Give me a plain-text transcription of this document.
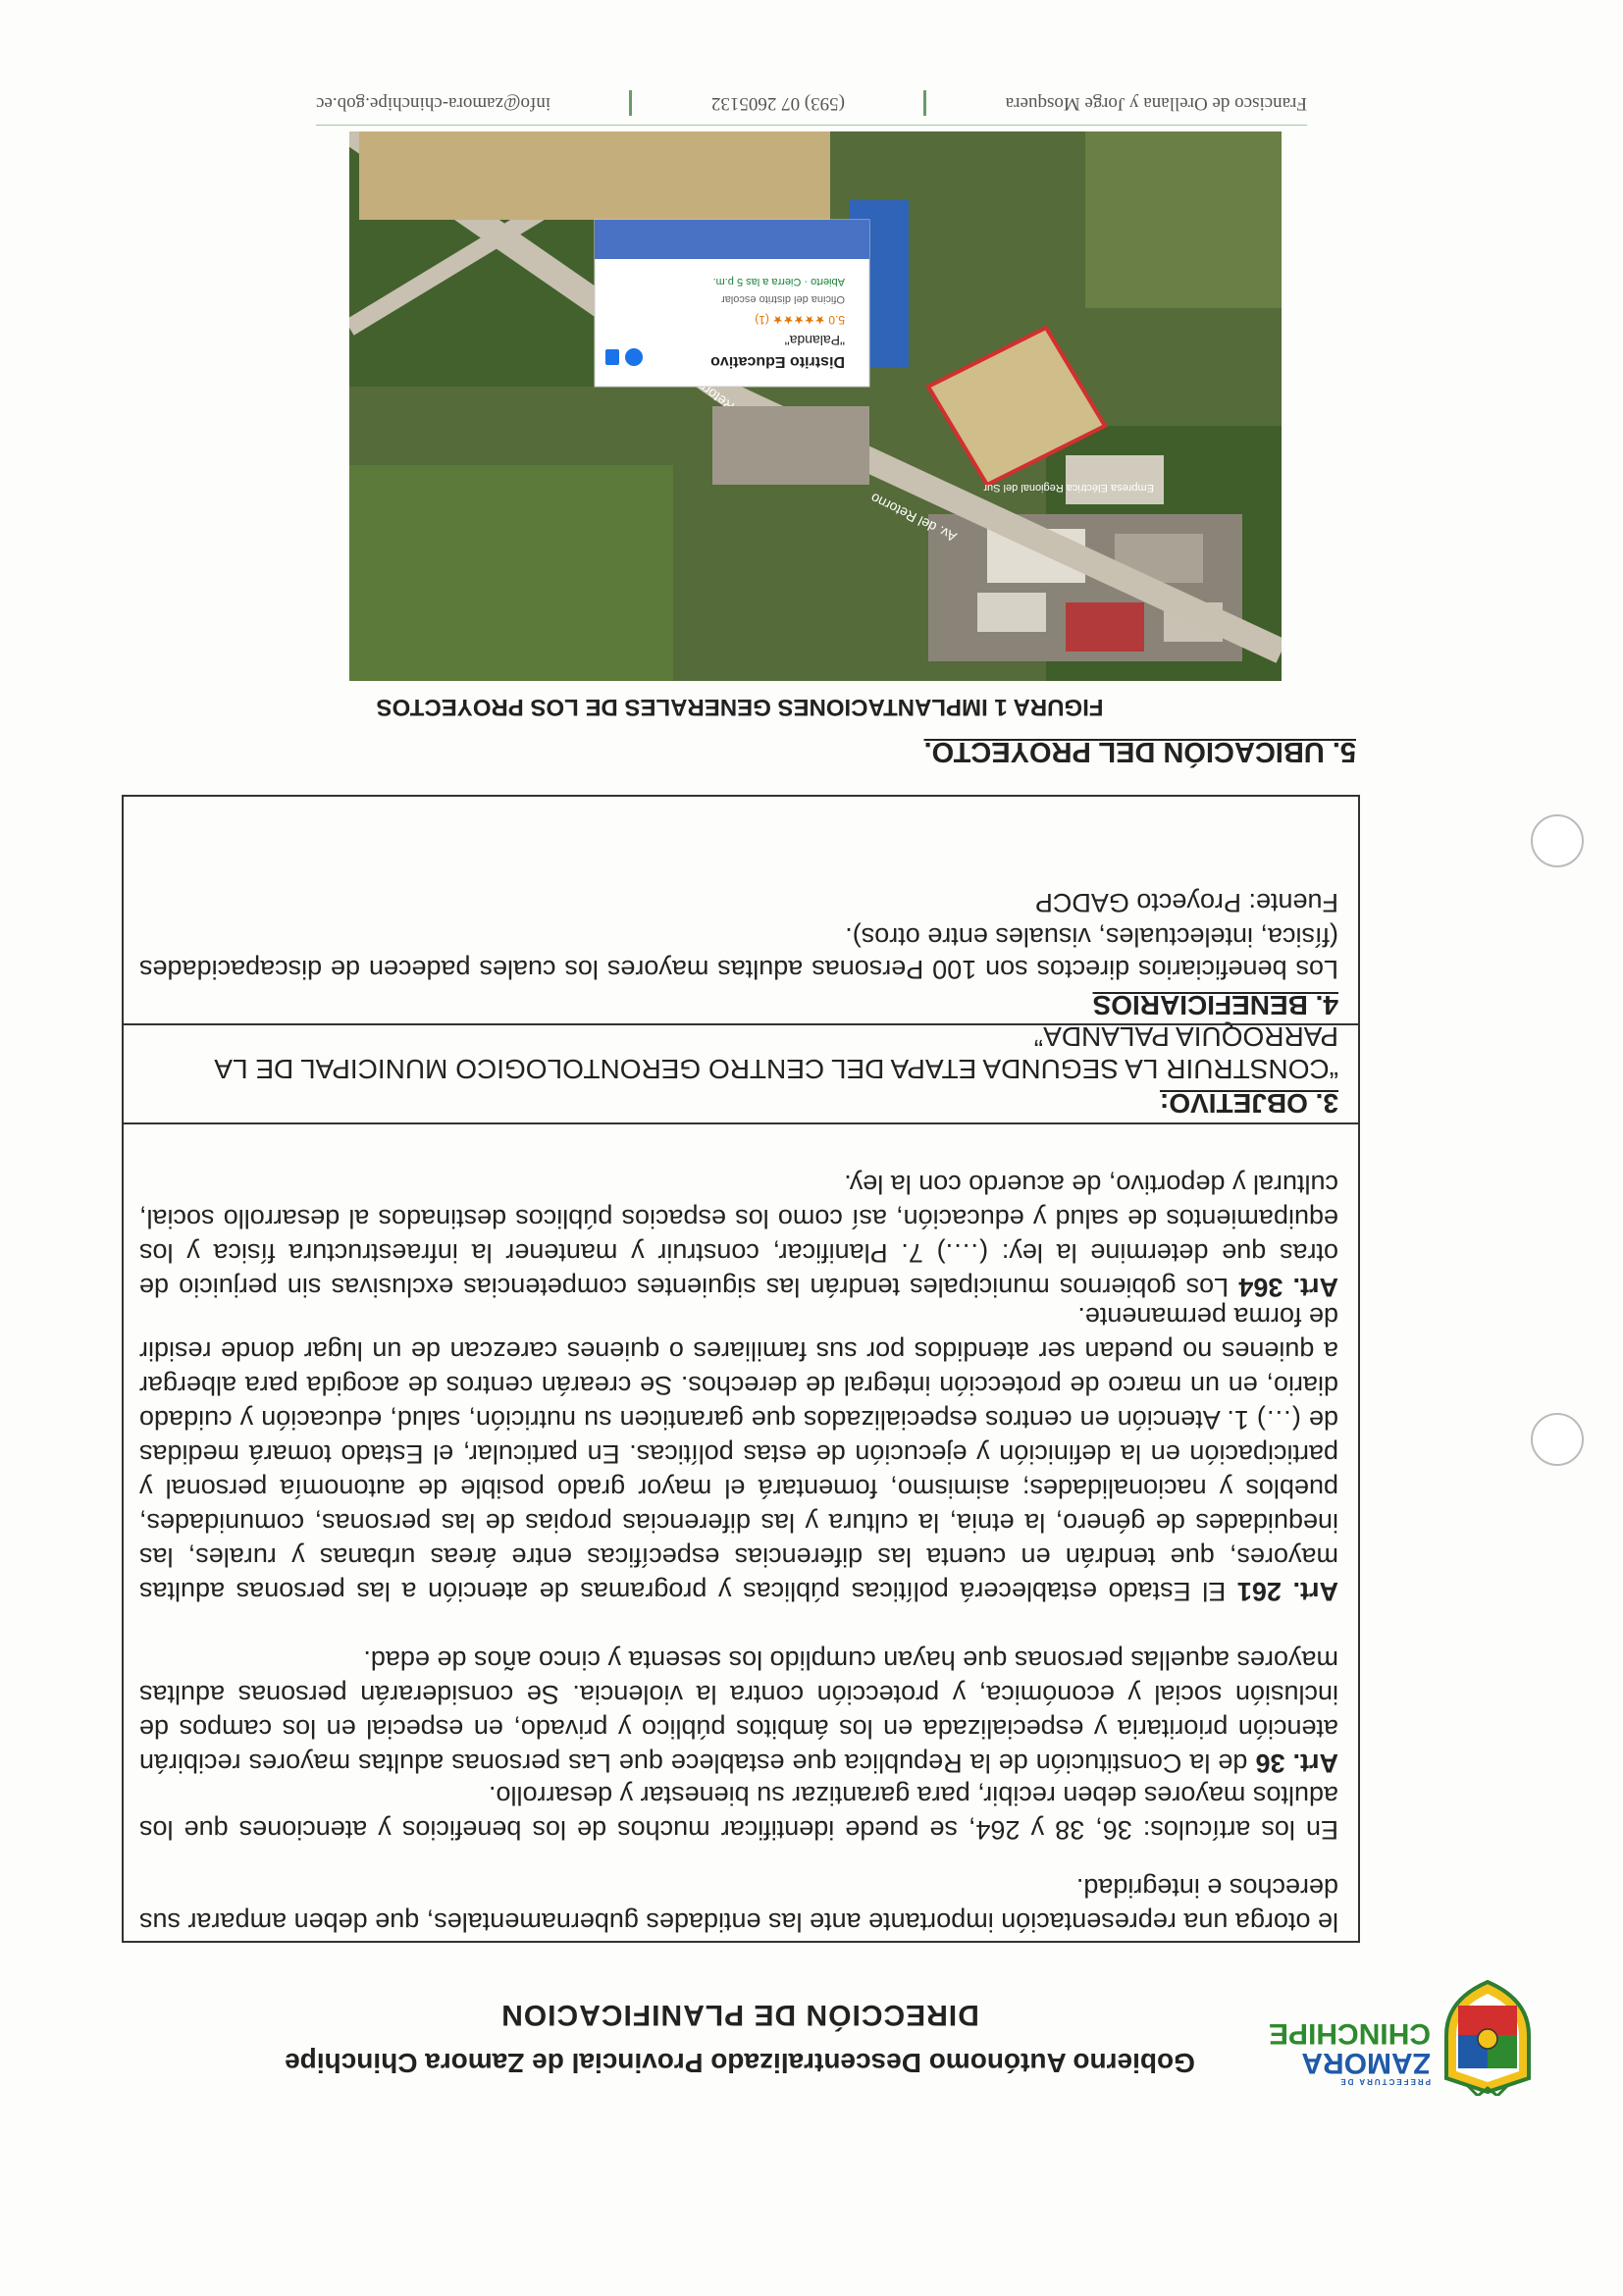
PREFECTURA DE
ZAMORA
CHINCHIPE
Gobierno Autónomo Descentralizado Provincial de Zamora Chinchipe
DIRECCIÓN DE PLANIFICACION

le otorga una representación importante ante las entidades gubernamentales, que deben amparar sus derechos e integridad.

En los artículos: 36, 38 y 264, se puede identificar muchos de los beneficios y atenciones que los adultos mayores deben recibir, para garantizar su bienestar y desarrollo.

Art. 36 de la Constitución de la Republica que establece que Las personas adultas mayores recibirán atención prioritaria y especializada en los ámbitos público y privado, en especial en los campos de inclusión social y económica, y protección contra la violencia. Se considerarán personas adultas mayores aquellas personas que hayan cumplido los sesenta y cinco años de edad.

Art. 261 El Estado establecerá políticas públicas y programas de atención a las personas adultas mayores, que tendrán en cuenta las diferencias específicas entre áreas urbanas y rurales, las inequidades de género, la etnia, la cultura y las diferencias propias de las personas, comunidades, pueblos y nacionalidades; asimismo, fomentará el mayor grado posible de autonomía personal y participación en la definición y ejecución de estas políticas. En particular, el Estado tomará medidas de (…) 1. Atención en centros especializados que garanticen su nutrición, salud, educación y cuidado diario, en un marco de protección integral de derechos. Se crearán centros de acogida para albergar a quienes no puedan ser atendidos por sus familiares o quienes carezcan de un lugar donde residir de forma permanente.

Art. 364 Los gobiernos municipales tendrán las siguientes competencias exclusivas sin perjuicio de otras que determine la ley: (….) 7. Planificar, construir y mantener la infraestructura física y los equipamientos de salud y educación, así como los espacios públicos destinados al desarrollo social, cultural y deportivo, de acuerdo con la ley.

3. OBJETIVO:

“CONSTRUIR LA SEGUNDA ETAPA DEL CENTRO GERONTOLOGICO MUNICIPAL DE LA PARROQUIA PALANDA”

4. BENEFICIARIOS

Los beneficiarios directos son 100 Personas adultas mayores los cuales padecen de discapacidades (física, intelectuales, visuales entre otros).

Fuente: Proyecto GADCP

5. UBICACIÓN DEL PROYECTO.
FIGURA 1 IMPLANTACIONES GENERALES DE LOS PROYECTOS
Av. del Retorno
Retorno
Empresa Eléctrica Regional del Sur
Distrito Educativo
"Palanda"
5.0 ★★★★★ (1)
Oficina del distrito escolar
Abierto · Cierra a las 5 p.m.
Francisco de Orellana y Jorge Mosquera
(593) 07 2605132
info@zamora-chinchipe.gob.ec
